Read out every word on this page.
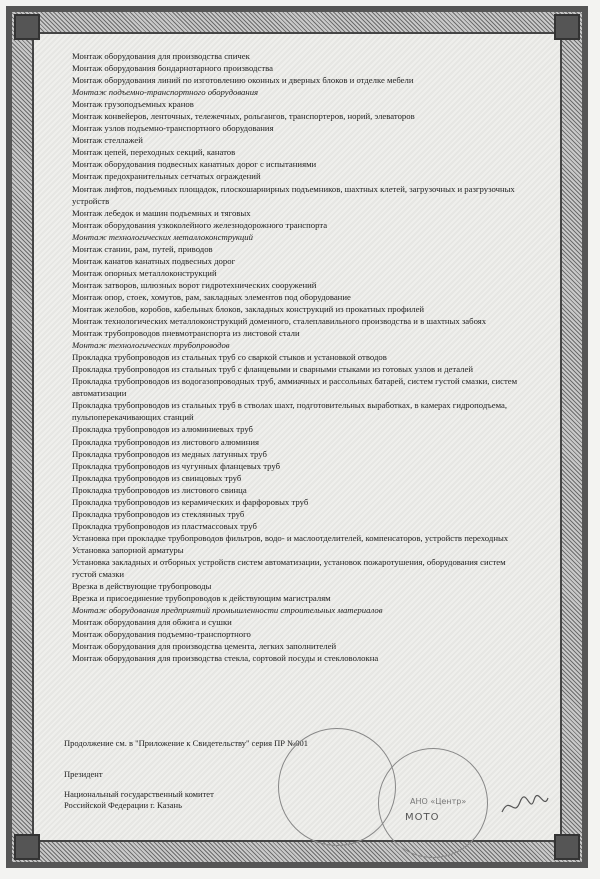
Монтаж оборудования для производства спичек
Монтаж оборудования бондарнотарного производства
Монтаж оборудования линий по изготовлению оконных и дверных блоков и отделке мебели
Монтаж подъемно-транспортного оборудования
Монтаж грузоподъемных кранов
Монтаж конвейеров, ленточных, тележечных, рольгангов, транспортеров, норий, элеваторов
Монтаж узлов подъемно-транспортного оборудования
Монтаж стеллажей
Монтаж цепей, переходных секций, канатов
Монтаж оборудования подвесных канатных дорог с испытаниями
Монтаж предохранительных сетчатых ограждений
Монтаж лифтов, подъемных площадок, плоскошарнирных подъемников, шахтных клетей, загрузочных и разгрузочных устройств
Монтаж лебедок и машин подъемных и тяговых
Монтаж оборудования узкоколейного железнодорожного транспорта
Монтаж технологических металлоконструкций
Монтаж станин, рам, путей, приводов
Монтаж канатов канатных подвесных дорог
Монтаж опорных металлоконструкций
Монтаж затворов, шлюзных ворот гидротехнических сооружений
Монтаж опор, стоек, хомутов, рам, закладных элементов под оборудование
Монтаж желобов, коробов, кабельных блоков, закладных конструкций из прокатных профилей
Монтаж технологических металлоконструкций доменного, сталеплавильного производства и в шахтных забоях
Монтаж трубопроводов пневмотранспорта из листовой стали
Монтаж технологических трубопроводов
Прокладка трубопроводов из стальных труб со сваркой стыков и установкой отводов
Прокладка трубопроводов из стальных труб с фланцевыми и сварными стыками из готовых узлов и деталей
Прокладка трубопроводов из водогазопроводных труб, аммиачных и рассольных батарей, систем густой смазки, систем автоматизации
Прокладка трубопроводов из стальных труб в стволах шахт, подготовительных выработках, в камерах гидроподъема, пульпоперекачивающих станций
Прокладка трубопроводов из алюминиевых труб
Прокладка трубопроводов из листового алюминия
Прокладка трубопроводов из медных латунных труб
Прокладка трубопроводов из чугунных фланцевых труб
Прокладка трубопроводов из свинцовых труб
Прокладка трубопроводов из листового свинца
Прокладка трубопроводов из керамических и фарфоровых труб
Прокладка трубопроводов из стеклянных труб
Прокладка трубопроводов из пластмассовых труб
Установка при прокладке трубопроводов фильтров, водо- и маслоотделителей, компенсаторов, устройств переходных
Установка запорной арматуры
Установка закладных и отборных устройств систем автоматизации, установок пожаротушения, оборудования систем густой смазки
Врезка в действующие трубопроводы
Врезка и присоединение трубопроводов к действующим магистралям
Монтаж оборудования предприятий промышленности строительных материалов
Монтаж оборудования для обжига и сушки
Монтаж оборудования подъемно-транспортного
Монтаж оборудования для производства цемента, легких заполнителей
Монтаж оборудования для производства стекла, сортовой посуды и стекловолокна
Продолжение см. в "Приложение к Свидетельству" серия ПР №001
Президент
Национальный государственный комитет
Российской Федерации г. Казань	АНО «Центр»
МОТО
